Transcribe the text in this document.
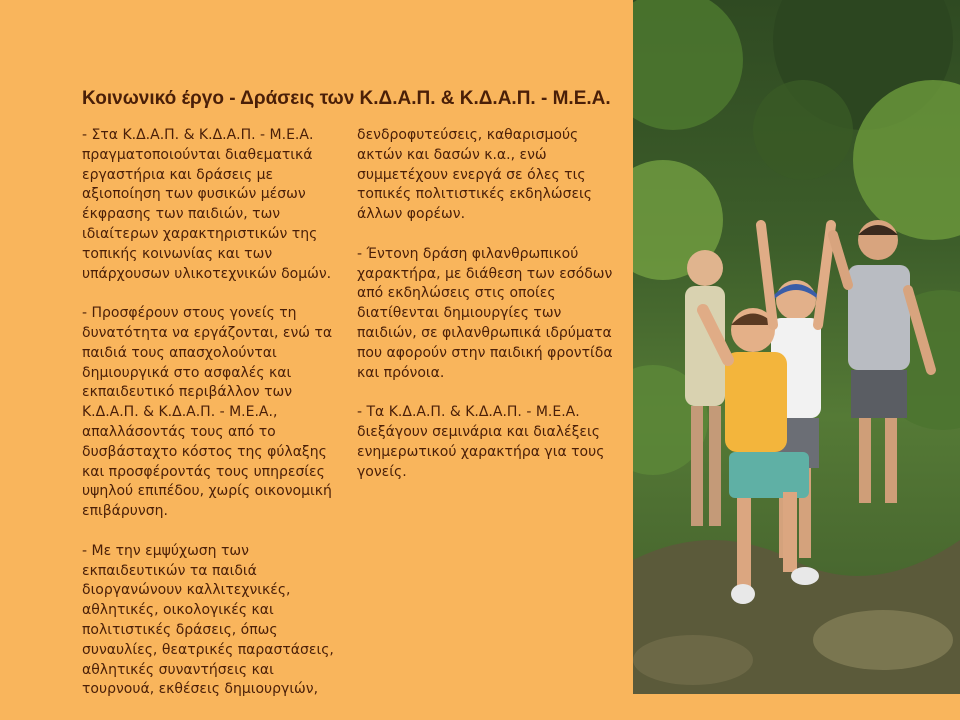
Κοινωνικό έργο - Δράσεις των Κ.Δ.Α.Π. & Κ.Δ.Α.Π. - Μ.Ε.Α.

- Στα Κ.Δ.Α.Π. & Κ.Δ.Α.Π. - Μ.Ε.Α. πραγματοποιούνται διαθεματικά εργαστήρια και δράσεις με αξιοποίηση των φυσικών μέσων έκφρασης των παιδιών, των ιδιαίτερων χαρακτηριστικών της τοπικής κοινωνίας και των υπάρχουσων υλικοτεχνικών δομών.

- Προσφέρουν στους γονείς τη δυνατότητα να εργάζονται, ενώ τα παιδιά τους απασχολούνται δημιουργικά στο ασφαλές και εκπαιδευτικό περιβάλλον των Κ.Δ.Α.Π. & Κ.Δ.Α.Π. - Μ.Ε.Α., απαλλάσοντάς τους από το δυσβάσταχτο κόστος της φύλαξης και προσφέροντάς τους υπηρεσίες υψηλού επιπέδου, χωρίς οικονομική επιβάρυνση.

- Με την εμψύχωση των εκπαιδευτικών τα παιδιά διοργανώνουν καλλιτεχνικές, αθλητικές, οικολογικές και πολιτιστικές δράσεις, όπως συναυλίες, θεατρικές παραστάσεις, αθλητικές συναντήσεις και τουρνουά, εκθέσεις δημιουργιών,

δενδροφυτεύσεις, καθαρισμούς ακτών και δασών κ.α., ενώ συμμετέχουν ενεργά σε όλες τις τοπικές πολιτιστικές εκδηλώσεις άλλων φορέων.

- Έντονη δράση φιλανθρωπικού χαρακτήρα, με διάθεση των εσόδων από εκδηλώσεις στις οποίες διατίθενται δημιουργίες των παιδιών, σε φιλανθρωπικά ιδρύματα που αφορούν στην παιδική φροντίδα και πρόνοια.

- Τα Κ.Δ.Α.Π. & Κ.Δ.Α.Π. - Μ.Ε.Α. διεξάγουν σεμινάρια και διαλέξεις ενημερωτικού χαρακτήρα για τους γονείς.
